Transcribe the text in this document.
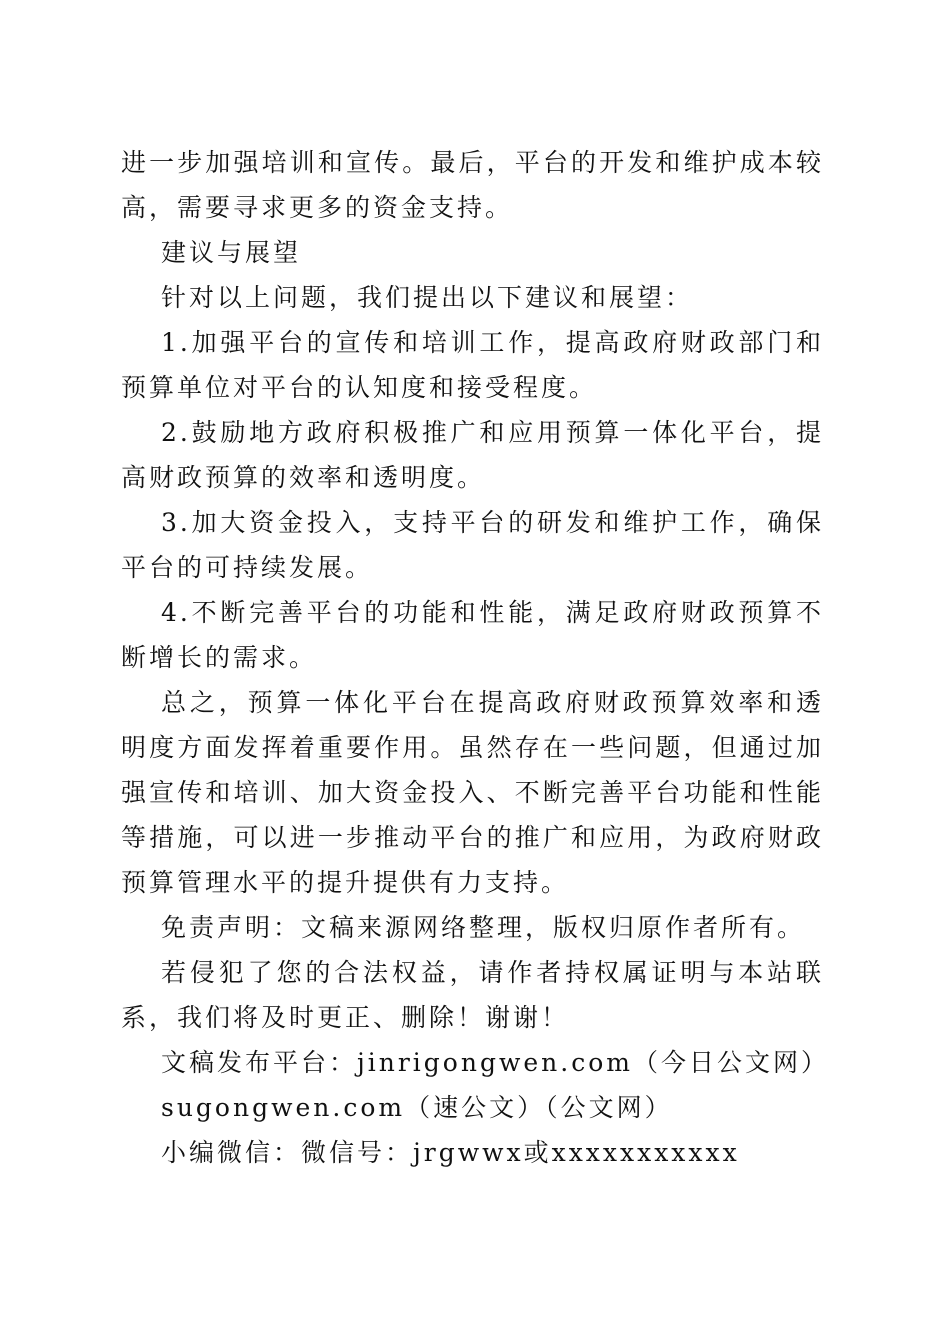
进一步加强培训和宣传。最后，平台的开发和维护成本较高，需要寻求更多的资金支持。

建议与展望

针对以上问题，我们提出以下建议和展望：

1.加强平台的宣传和培训工作，提高政府财政部门和预算单位对平台的认知度和接受程度。

2.鼓励地方政府积极推广和应用预算一体化平台，提高财政预算的效率和透明度。

3.加大资金投入，支持平台的研发和维护工作，确保平台的可持续发展。

4.不断完善平台的功能和性能，满足政府财政预算不断增长的需求。

总之，预算一体化平台在提高政府财政预算效率和透明度方面发挥着重要作用。虽然存在一些问题，但通过加强宣传和培训、加大资金投入、不断完善平台功能和性能等措施，可以进一步推动平台的推广和应用，为政府财政预算管理水平的提升提供有力支持。

免责声明：文稿来源网络整理，版权归原作者所有。

若侵犯了您的合法权益，请作者持权属证明与本站联系，我们将及时更正、删除！谢谢！

文稿发布平台：jinrigongwen.com（今日公文网）

sugongwen.com（速公文）（公文网）

小编微信：微信号：jrgwwx或xxxxxxxxxxx
